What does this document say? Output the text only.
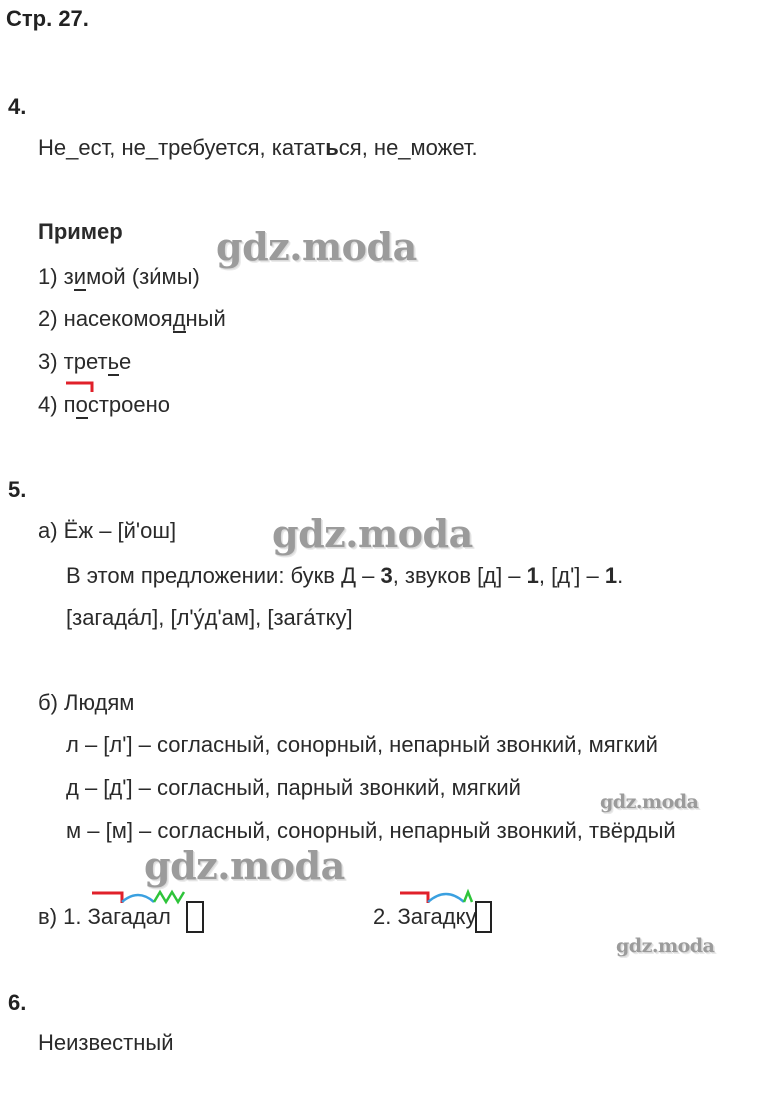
Стр. 27.
4.
Не_ест, не_требуется, кататься, не_может.
Пример
1) зимой (зи́мы)
2) насекомоядный
3) третье
4) построено
5.
а) Ёж – [й'ош]
В этом предложении: букв Д – 3, звуков [д] – 1, [д'] – 1.
[загада́л], [л'у́д'ам], [зага́тку]
б) Людям
л – [л'] – согласный, сонорный, непарный звонкий, мягкий
д – [д'] – согласный, парный звонкий, мягкий
м – [м] – согласный, сонорный, непарный звонкий, твёрдый
в) 1. Загадал	2. Загадку
6.
Неизвестный
gdz.moda
gdz.moda
gdz.moda
gdz.moda
gdz.moda
